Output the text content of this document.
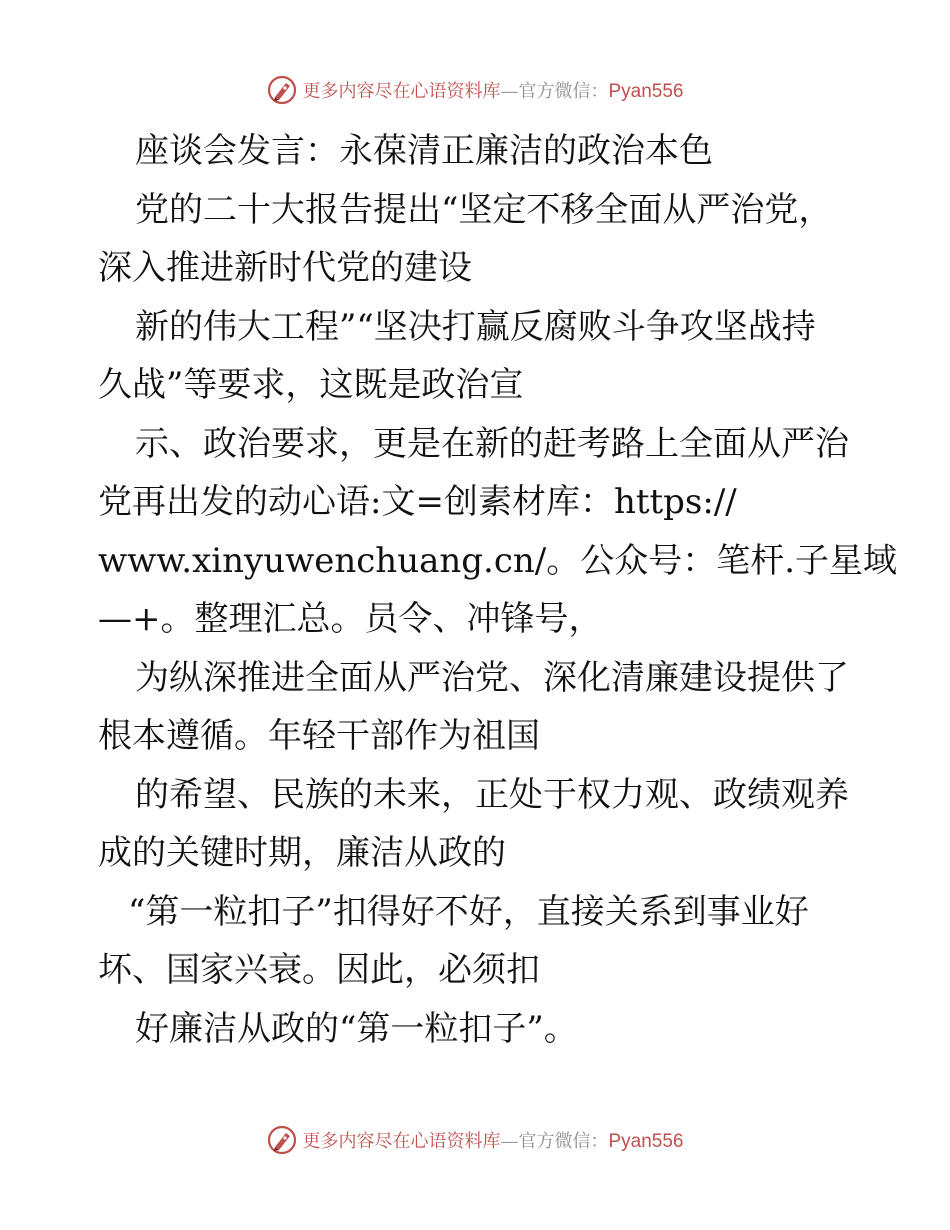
更多内容尽在心语资料库—官方微信：Pyan556
座谈会发言：永葆清正廉洁的政治本色
党的二十大报告提出“坚定不移全面从严治党，
深入推进新时代党的建设
新的伟大工程”“坚决打赢反腐败斗争攻坚战持
久战”等要求，这既是政治宣
示、政治要求，更是在新的赶考路上全面从严治
党再出发的动心语:文=创素材库：https://
www.xinyuwenchuang.cn/。公众号：笔杆.子星域
—+。整理汇总。员令、冲锋号，
为纵深推进全面从严治党、深化清廉建设提供了
根本遵循。年轻干部作为祖国
的希望、民族的未来，正处于权力观、政绩观养
成的关键时期，廉洁从政的
“第一粒扣子”扣得好不好，直接关系到事业好
坏、国家兴衰。因此，必须扣
好廉洁从政的“第一粒扣子”。
更多内容尽在心语资料库—官方微信：Pyan556
